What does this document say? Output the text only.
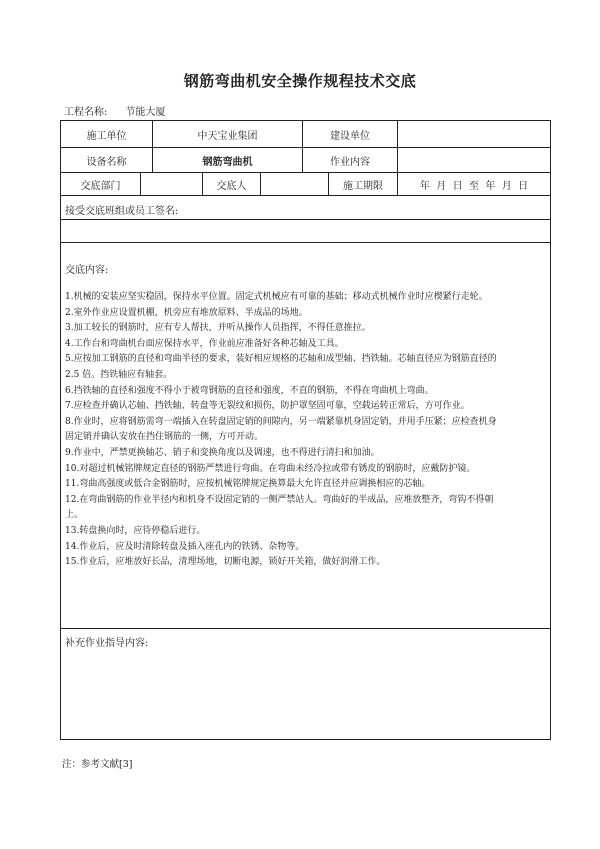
钢筋弯曲机安全操作规程技术交底
工程名称: 节能大厦
施工单位	中天宝业集团	建设单位
设备名称	钢筋弯曲机	作业内容
交底部门	交底人	施工期限	年  月  日  至  年  月  日
接受交底班组或员工签名:
交底内容:
1.机械的安装应坚实稳固，保持水平位置。固定式机械应有可靠的基础；移动式机械作业时应楔紧行走轮。
2.室外作业应设置机棚，机旁应有堆放原料、半成品的场地。
3.加工较长的钢筋时，应有专人帮扶，并听从操作人员指挥，不得任意推拉。
4.工作台和弯曲机台面应保持水平，作业前应准备好各种芯轴及工具。
5.应按加工钢筋的直径和弯曲半径的要求，装好相应规格的芯轴和成型轴、挡铁轴。芯轴直径应为钢筋直径的
2.5 倍。挡铁轴应有轴套。
6.挡铁轴的直径和强度不得小于被弯钢筋的直径和强度，不直的钢筋，不得在弯曲机上弯曲。
7.应检查并确认芯轴、挡铁轴、转盘等无裂纹和损伤，防护罩坚固可靠，空载运转正常后，方可作业。
8.作业时，应将钢筋需弯一端插入在转盘固定销的间隙内，另一端紧靠机身固定销，并用手压紧；应检查机身
固定销并确认安放在挡住钢筋的一侧，方可开动。
9.作业中，严禁更换轴芯、销子和变换角度以及调速，也不得进行清扫和加油。
10.对超过机械铭牌规定直径的钢筋严禁进行弯曲。在弯曲未经冷拉或带有锈皮的钢筋时，应戴防护镜。
11.弯曲高强度或低合金钢筋时，应按机械铭牌规定换算最大允许直径并应调换相应的芯轴。
12.在弯曲钢筋的作业半径内和机身不设固定销的一侧严禁站人。弯曲好的半成品，应堆放整齐，弯钩不得朝
上。
13.转盘换向时，应待停稳后进行。
14.作业后，应及时清除转盘及插入座孔内的铁锈、杂物等。
15.作业后，应堆放好长品，清理场地，切断电源，锁好开关箱，做好润滑工作。
补充作业指导内容:
注：参考文献[3]
